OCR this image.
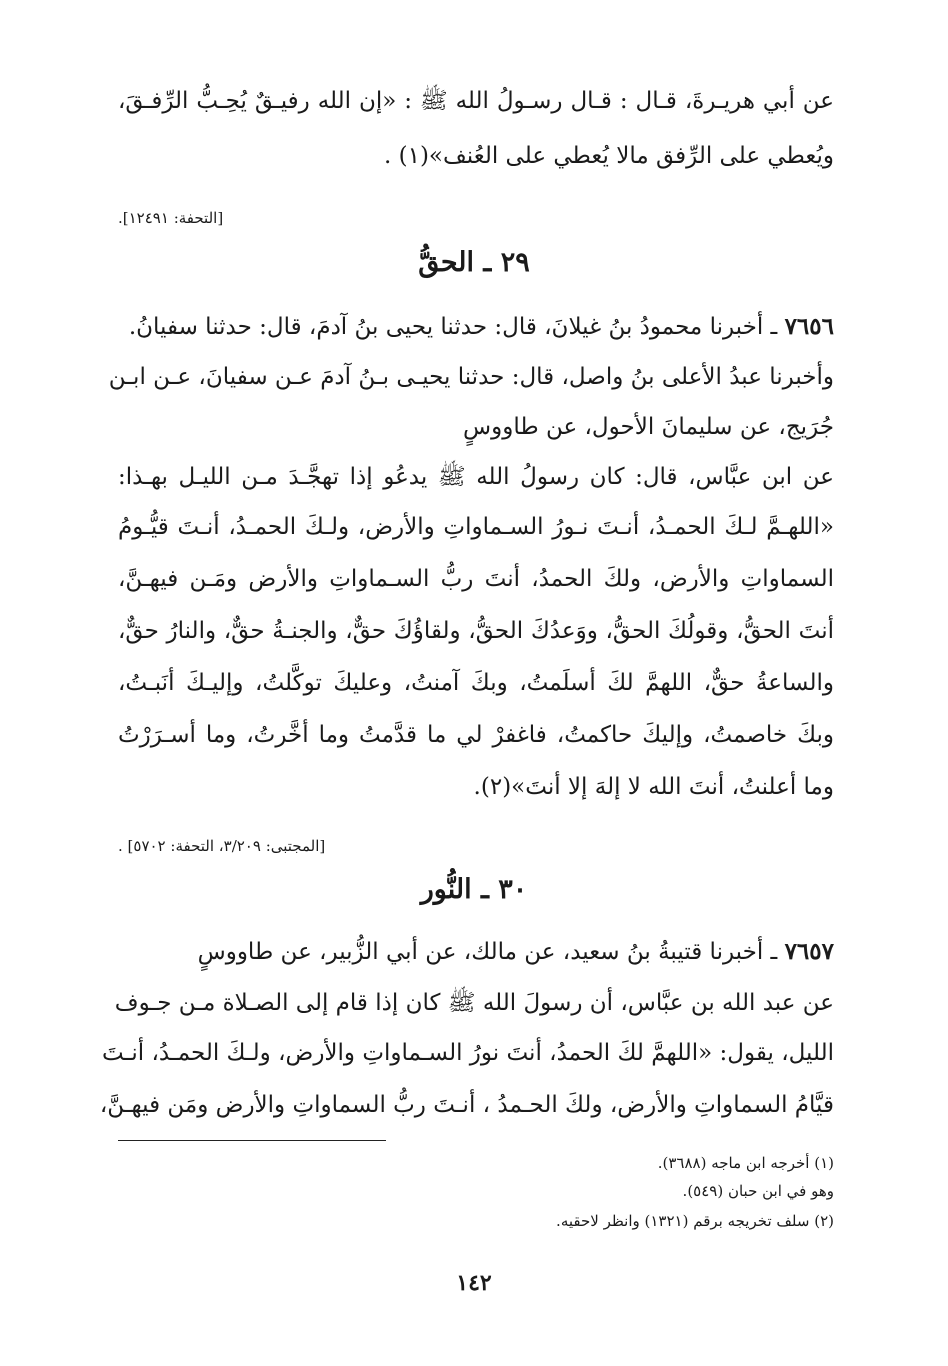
عن أبي هريـرةَ، قـال : قـال رسـولُ الله ﷺ : «إن الله رفيـقٌ يُحِـبُّ الرِّفـقَ،

ويُعطي على الرِّفق مالا يُعطي على العُنف»(١) .

[التحفة: ١٢٤٩١].
٢٩ ـ الحقُّ

٧٦٥٦ ـ أخبرنا محمودُ بنُ غيلانَ، قال: حدثنا يحيى بنُ آدمَ، قال: حدثنا سفيانُ.

وأخبرنا عبدُ الأعلى بنُ واصل، قال: حدثنا يحيـى بـنُ آدمَ عـن سفيانَ، عـن ابـن

جُرَيج، عن سليمانَ الأحول، عن طاووسٍ

عن ابن عبَّاس، قال: كان رسولُ الله ﷺ يدعُو إذا تهجَّـدَ مـن الليـل بهـذا:

«اللهـمَّ لـكَ الحمـدُ، أنـتَ نـورُ السـماواتِ والأرض، ولـكَ الحمـدُ، أنـتَ قيُّـومُ

السماواتِ والأرض، ولكَ الحمدُ، أنتَ ربُّ السـماواتِ والأرض ومَـن فيهـنَّ،

أنتَ الحقُّ، وقولُكَ الحقُّ، ووَعدُكَ الحقُّ، ولقاؤُكَ حقٌّ، والجنـةُ حقٌّ، والنارُ حقٌّ،

والساعةُ حقٌّ، اللهمَّ لكَ أسلَمتُ، وبكَ آمنتُ، وعليكَ توكَّلتُ، وإليـكَ أنَبـتُ،

وبكَ خاصمتُ، وإليكَ حاكمتُ، فاغفرْ لي ما قدَّمتُ وما أخَّرتُ، وما أسـرَرْتُ

وما أعلنتُ، أنتَ الله لا إلهَ إلا أنتَ»(٢).

[المجتبى: ٣/٢٠٩، التحفة: ٥٧٠٢] .
٣٠ ـ النُّور

٧٦٥٧ ـ أخبرنا قتيبةُ بنُ سعيد، عن مالك، عن أبي الزُّبير، عن طاووسٍ

عن عبد الله بن عبَّاس، أن رسولَ الله ﷺ كان إذا قام إلى الصـلاة مـن جـوف

الليل، يقول: «اللهمَّ لكَ الحمدُ، أنتَ نورُ السـماواتِ والأرض، ولـكَ الحمـدُ، أنـتَ

قيَّامُ السماواتِ والأرض، ولكَ الحـمدُ ، أنـتَ ربُّ السماواتِ والأرض ومَن فيهـنَّ،

(١) أخرجه ابن ماجه (٣٦٨٨).

وهو في ابن حبان (٥٤٩).

(٢) سلف تخريجه برقم (١٣٢١) وانظر لاحقيه.

١٤٢
